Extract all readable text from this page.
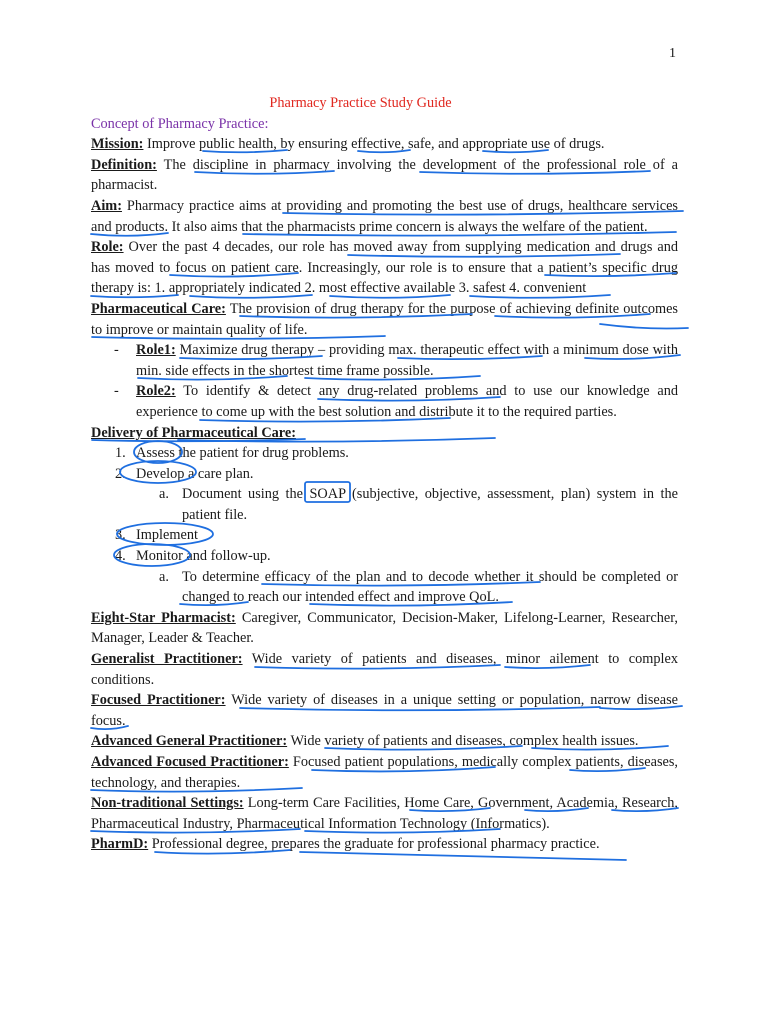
1
Pharmacy Practice Study Guide
Concept of Pharmacy Practice:
Mission: Improve public health, by ensuring effective, safe, and appropriate use of drugs.
Definition: The discipline in pharmacy involving the development of the professional role of a pharmacist.
Aim: Pharmacy practice aims at providing and promoting the best use of drugs, healthcare services and products. It also aims that the pharmacists prime concern is always the welfare of the patient.
Role: Over the past 4 decades, our role has moved away from supplying medication and drugs and has moved to focus on patient care. Increasingly, our role is to ensure that a patient’s specific drug therapy is: 1. appropriately indicated 2. most effective available 3. safest 4. convenient
Pharmaceutical Care: The provision of drug therapy for the purpose of achieving definite outcomes to improve or maintain quality of life.
- Role1: Maximize drug therapy – providing max. therapeutic effect with a minimum dose with min. side effects in the shortest time frame possible.
- Role2: To identify & detect any drug-related problems and to use our knowledge and experience to come up with the best solution and distribute it to the required parties.
Delivery of Pharmaceutical Care:
1. Assess the patient for drug problems.
2. Develop a care plan.
a. Document using the SOAP (subjective, objective, assessment, plan) system in the patient file.
3. Implement
4. Monitor and follow-up.
a. To determine efficacy of the plan and to decode whether it should be completed or changed to reach our intended effect and improve QoL.
Eight-Star Pharmacist: Caregiver, Communicator, Decision-Maker, Lifelong-Learner, Researcher, Manager, Leader & Teacher.
Generalist Practitioner: Wide variety of patients and diseases, minor ailement to complex conditions.
Focused Practitioner: Wide variety of diseases in a unique setting or population, narrow disease focus.
Advanced General Practitioner: Wide variety of patients and diseases, complex health issues.
Advanced Focused Practitioner: Focused patient populations, medically complex patients, diseases, technology, and therapies.
Non-traditional Settings: Long-term Care Facilities, Home Care, Government, Academia, Research, Pharmaceutical Industry, Pharmaceutical Information Technology (Informatics).
PharmD: Professional degree, prepares the graduate for professional pharmacy practice.
